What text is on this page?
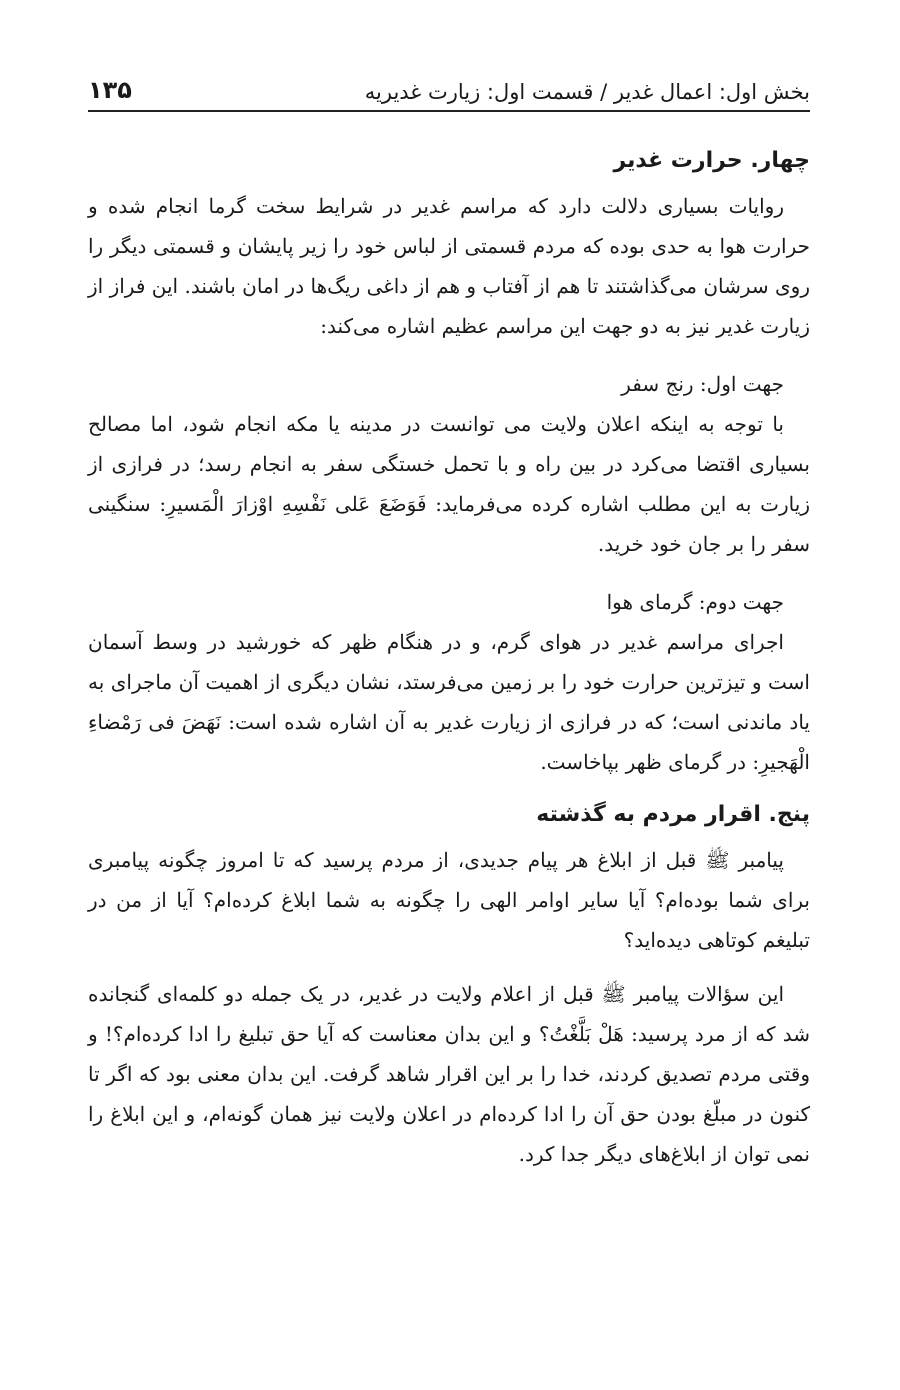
بخش اول: اعمال غدیر / قسمت اول: زیارت غدیریه
۱۳۵
چهار. حرارت غدیر

روایات بسیاری دلالت دارد که مراسم غدیر در شرایط سخت گرما انجام شده و حرارت هوا به حدی بوده که مردم قسمتی از لباس خود را زیر پایشان و قسمتی دیگر را روی سرشان می‌گذاشتند تا هم از آفتاب و هم از داغی ریگ‌ها در امان باشند. این فراز از زیارت غدیر نیز به دو جهت این مراسم عظیم اشاره می‌کند:

جهت اول: رنج سفر

با توجه به اینکه اعلان ولایت می توانست در مدینه یا مکه انجام شود، اما مصالح بسیاری اقتضا می‌کرد در بین راه و با تحمل خستگی سفر به انجام رسد؛ در فرازی از زیارت به این مطلب اشاره کرده می‌فرماید: فَوَضَعَ عَلی نَفْسِهِ اوْزارَ الْمَسیرِ: سنگینی سفر را بر جان خود خرید.

جهت دوم: گرمای هوا

اجرای مراسم غدیر در هوای گرم، و در هنگام ظهر که خورشید در وسط آسمان است و تیزترین حرارت خود را بر زمین می‌فرستد، نشان دیگری از اهمیت آن ماجرای به یاد ماندنی است؛ که در فرازی از زیارت غدیر به آن اشاره شده است: نَهَضَ فی رَمْضاءِ الْهَجیرِ: در گرمای ظهر بپاخاست.

پنج. اقرار مردم به گذشته

پیامبر ﷺ قبل از ابلاغ هر پیام جدیدی، از مردم پرسید که تا امروز چگونه پیامبری برای شما بوده‌ام؟ آیا سایر اوامر الهی را چگونه به شما ابلاغ کرده‌ام؟ آیا از من در تبلیغم کوتاهی دیده‌اید؟

این سؤالات پیامبر ﷺ قبل از اعلام ولایت در غدیر، در یک جمله دو کلمه‌ای گنجانده شد که از مرد پرسید: هَلْ بَلَّغْتُ؟ و این بدان معناست که آیا حق تبلیغ را ادا کرده‌ام؟! و وقتی مردم تصدیق کردند، خدا را بر این اقرار شاهد گرفت. این بدان معنی بود که اگر تا کنون در مبلّغ بودن حق آن را ادا کرده‌ام در اعلان ولایت نیز همان گونه‌ام، و این ابلاغ را نمی توان از ابلاغ‌های دیگر جدا کرد.
